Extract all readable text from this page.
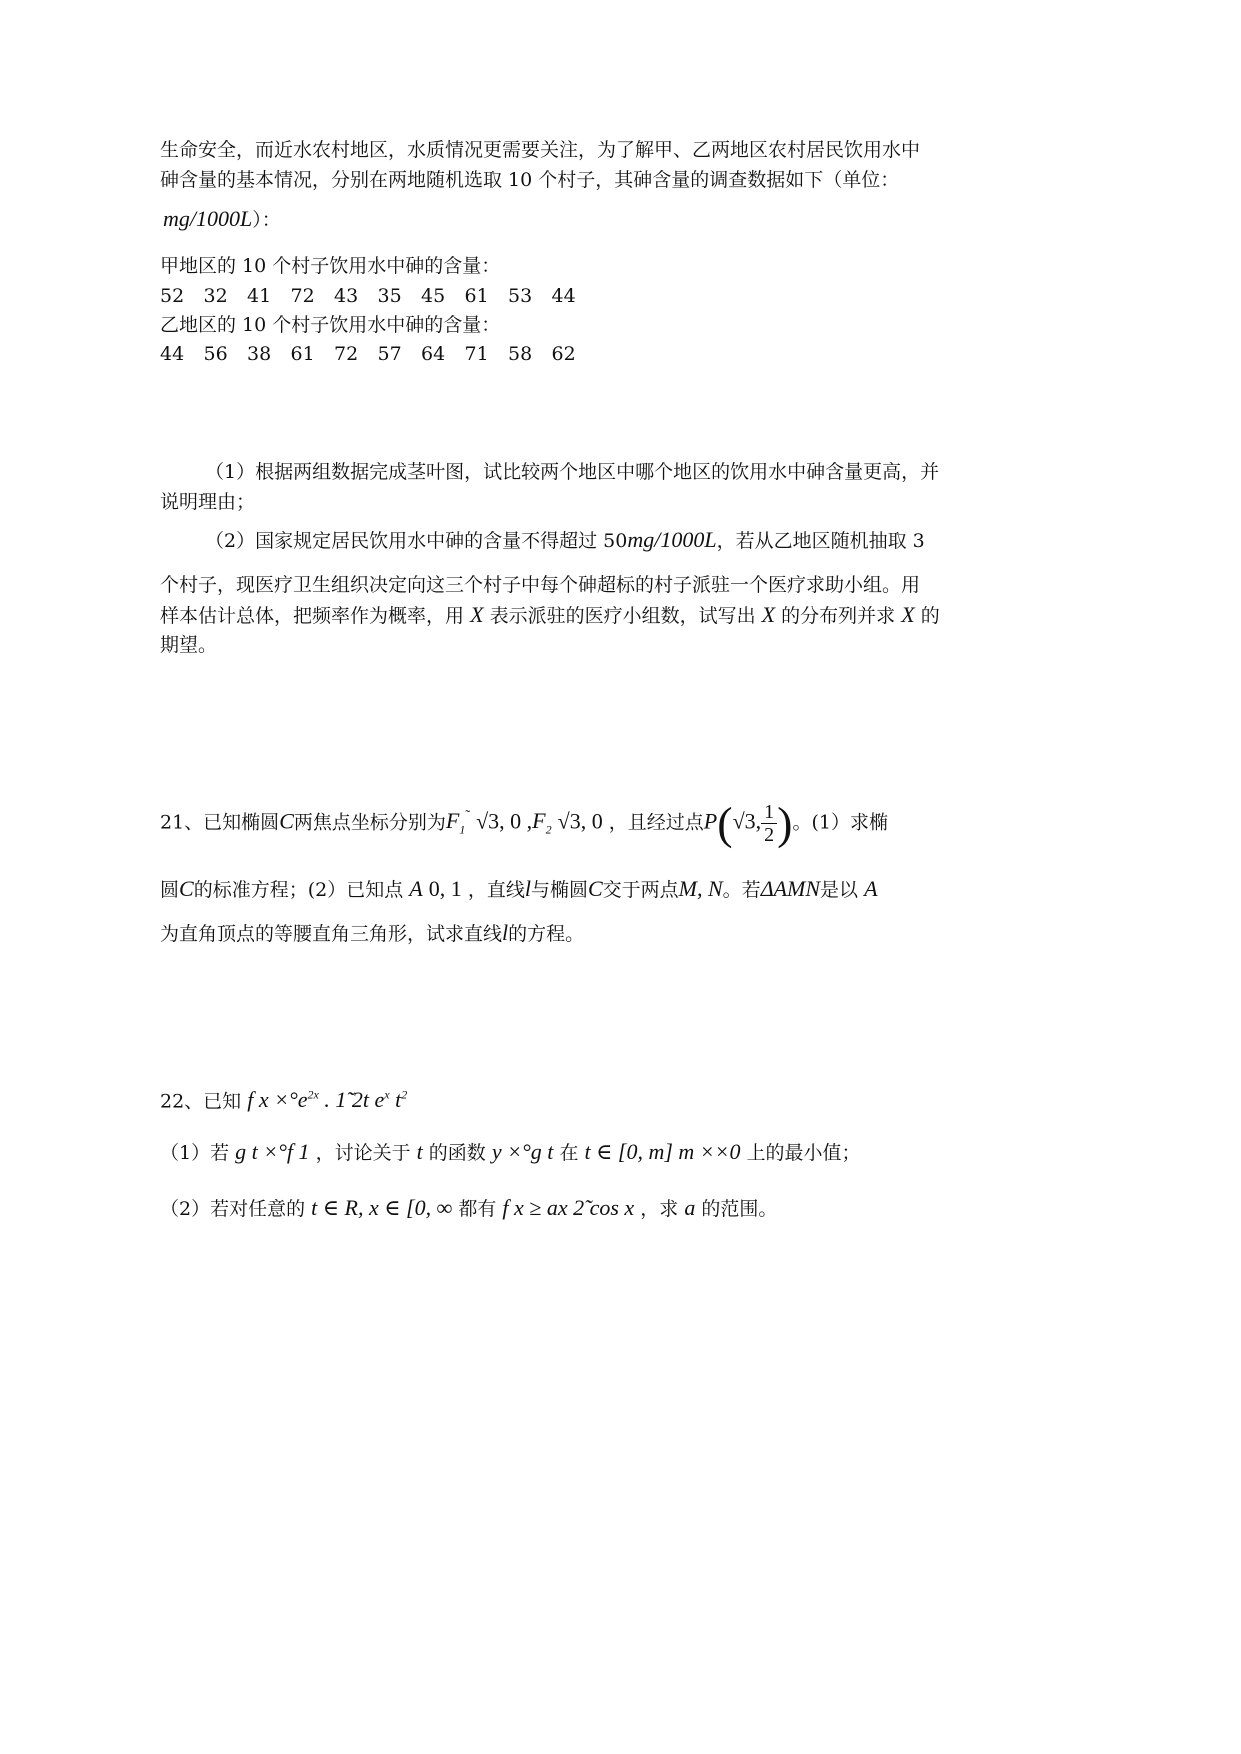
生命安全，而近水农村地区，水质情况更需要关注，为了解甲、乙两地区农村居民饮用水中
砷含量的基本情况，分别在两地随机选取 10 个村子，其砷含量的调查数据如下（单位：
mg/1000L）：
甲地区的 10 个村子饮用水中砷的含量：
52 32 41 72 43 35 45 61 53 44
乙地区的 10 个村子饮用水中砷的含量：
44 56 38 61 72 57 64 71 58 62
（1）根据两组数据完成茎叶图，试比较两个地区中哪个地区的饮用水中砷含量更高，并
说明理由；
（2）国家规定居民饮用水中砷的含量不得超过 50mg/1000L，若从乙地区随机抽取 3
个村子，现医疗卫生组织决定向这三个村子中每个砷超标的村子派驻一个医疗求助小组。用
样本估计总体，把频率作为概率，用 X 表示派驻的医疗小组数，试写出 X 的分布列并求 X 的
期望。
21、已知椭圆C两焦点坐标分别为$F_1^˜$ √3, 0 $,F_2$ √3, 0 ，且经过点P(√3, $\frac{1}{2}$ )。(1）求椭
圆C的标准方程；(2）已知点 A 0, 1 ，直线l与椭圆C交于两点M, N。若ΔAMN是以 A
为直角顶点的等腰直角三角形，试求直线l的方程。
22、已知 f $x \times^\circ e^{2x}$ . 1̃ 2t $e^x$ $t^2$
（1）若 g t ×°f 1 ，讨论关于 t 的函数 y ×°g t 在 t ∈ [0, m] m ××0 上的最小值；
（2）若对任意的 t ∈ R, x ∈ [0, ∞ 都有 f x ≥ ax 2̃ cos x ，求 a 的范围。
